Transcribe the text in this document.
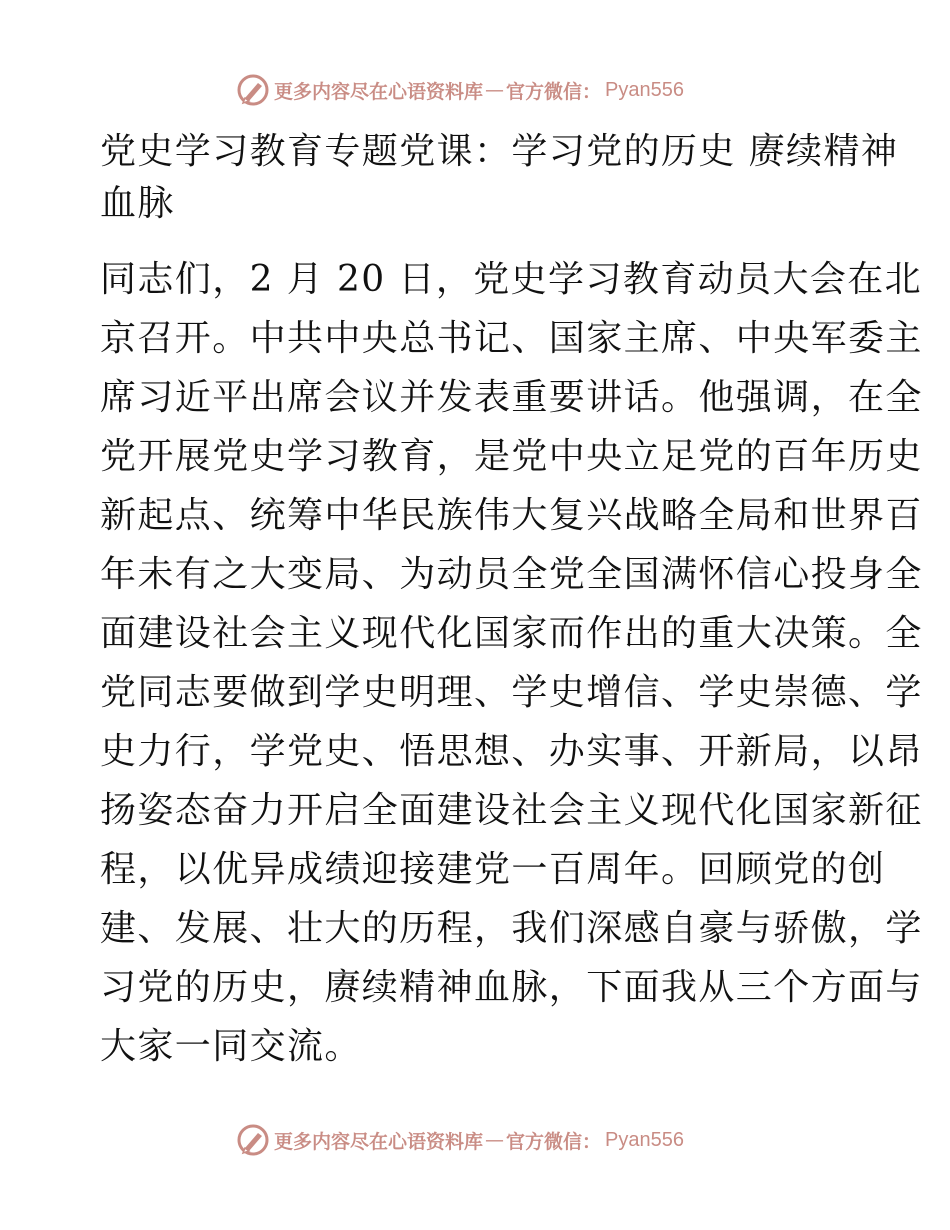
更多内容尽在心语资料库 — 官方微信： Pyan556
党史学习教育专题党课：学习党的历史 赓续精神
血脉

同志们，2 月 20 日，党史学习教育动员大会在北
京召开。中共中央总书记、国家主席、中央军委主
席习近平出席会议并发表重要讲话。他强调，在全
党开展党史学习教育，是党中央立足党的百年历史
新起点、统筹中华民族伟大复兴战略全局和世界百
年未有之大变局、为动员全党全国满怀信心投身全
面建设社会主义现代化国家而作出的重大决策。全
党同志要做到学史明理、学史增信、学史崇德、学
史力行，学党史、悟思想、办实事、开新局，以昂
扬姿态奋力开启全面建设社会主义现代化国家新征
程，以优异成绩迎接建党一百周年。回顾党的创
建、发展、壮大的历程，我们深感自豪与骄傲，学
习党的历史，赓续精神血脉，下面我从三个方面与
大家一同交流。

更多内容尽在心语资料库 — 官方微信： Pyan556
